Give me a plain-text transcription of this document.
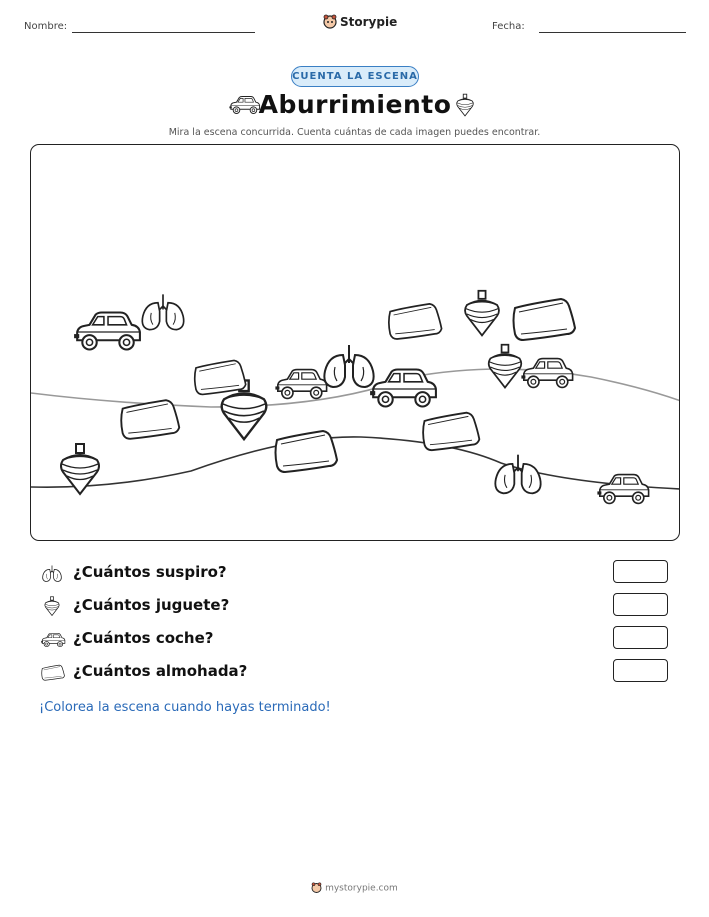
Nombre:	Storypie	Fecha:
CUENTA LA ESCENA
Aburrimiento
Mira la escena concurrida. Cuenta cuántas de cada imagen puedes encontrar.
¿Cuántos suspiro?
¿Cuántos juguete?
¿Cuántos coche?
¿Cuántos almohada?
¡Colorea la escena cuando hayas terminado!
mystorypie.com
